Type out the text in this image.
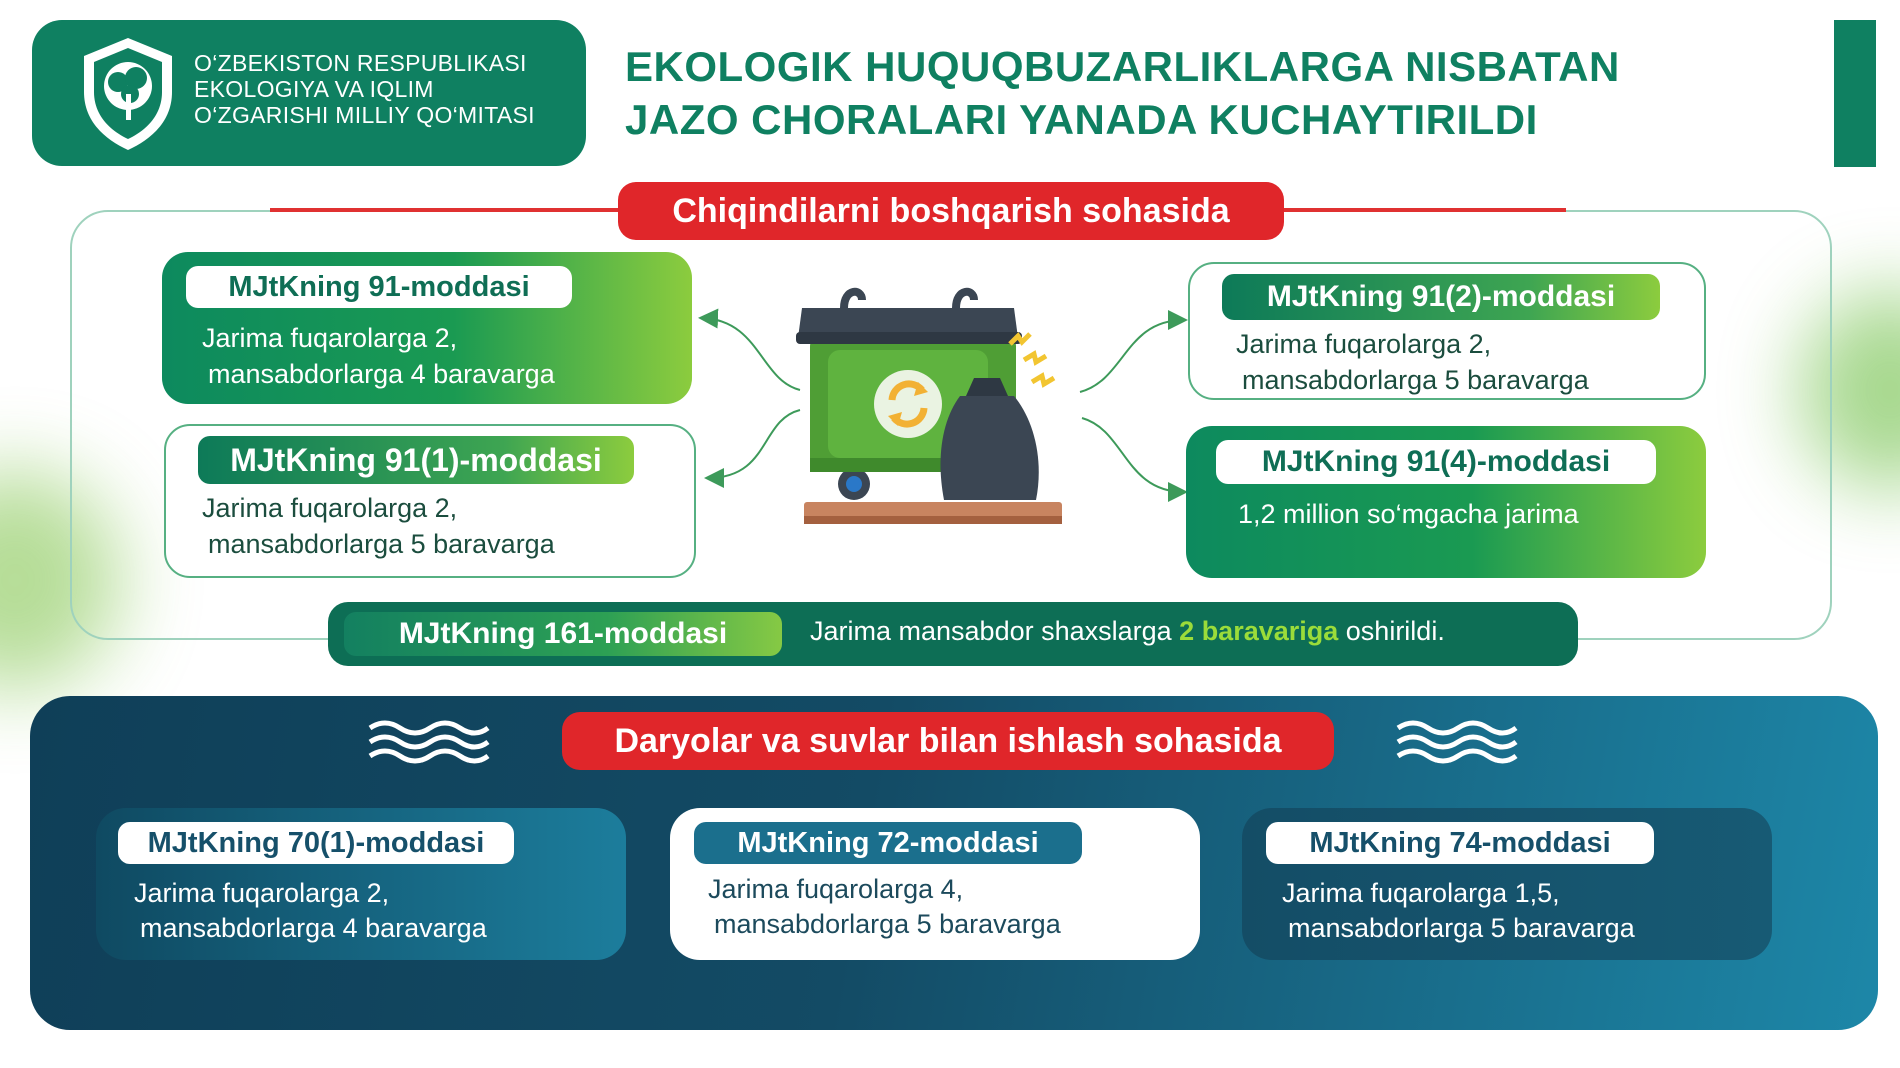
O‘ZBEKISTON RESPUBLIKASI
EKOLOGIYA VA IQLIM
O‘ZGARISHI MILLIY QO‘MITASI
EKOLOGIK HUQUQBUZARLIKLARGA NISBATAN
JAZO CHORALARI YANADA KUCHAYTIRILDI
Chiqindilarni boshqarish sohasida
MJtKning 91-moddasi
Jarima fuqarolarga 2,
mansabdorlarga 4 baravarga
MJtKning 91(1)-moddasi
Jarima fuqarolarga 2,
mansabdorlarga 5 baravarga
MJtKning 91(2)-moddasi
Jarima fuqarolarga 2,
mansabdorlarga 5 baravarga
MJtKning 91(4)-moddasi
1,2 million so‘mgacha jarima
MJtKning 161-moddasi	Jarima mansabdor shaxslarga 2 baravariga oshirildi.
Daryolar va suvlar bilan ishlash sohasida
MJtKning 70(1)-moddasi
Jarima fuqarolarga 2,
mansabdorlarga 4 baravarga
MJtKning 72-moddasi
Jarima fuqarolarga 4,
mansabdorlarga 5 baravarga
MJtKning 74-moddasi
Jarima fuqarolarga 1,5,
mansabdorlarga 5 baravarga
